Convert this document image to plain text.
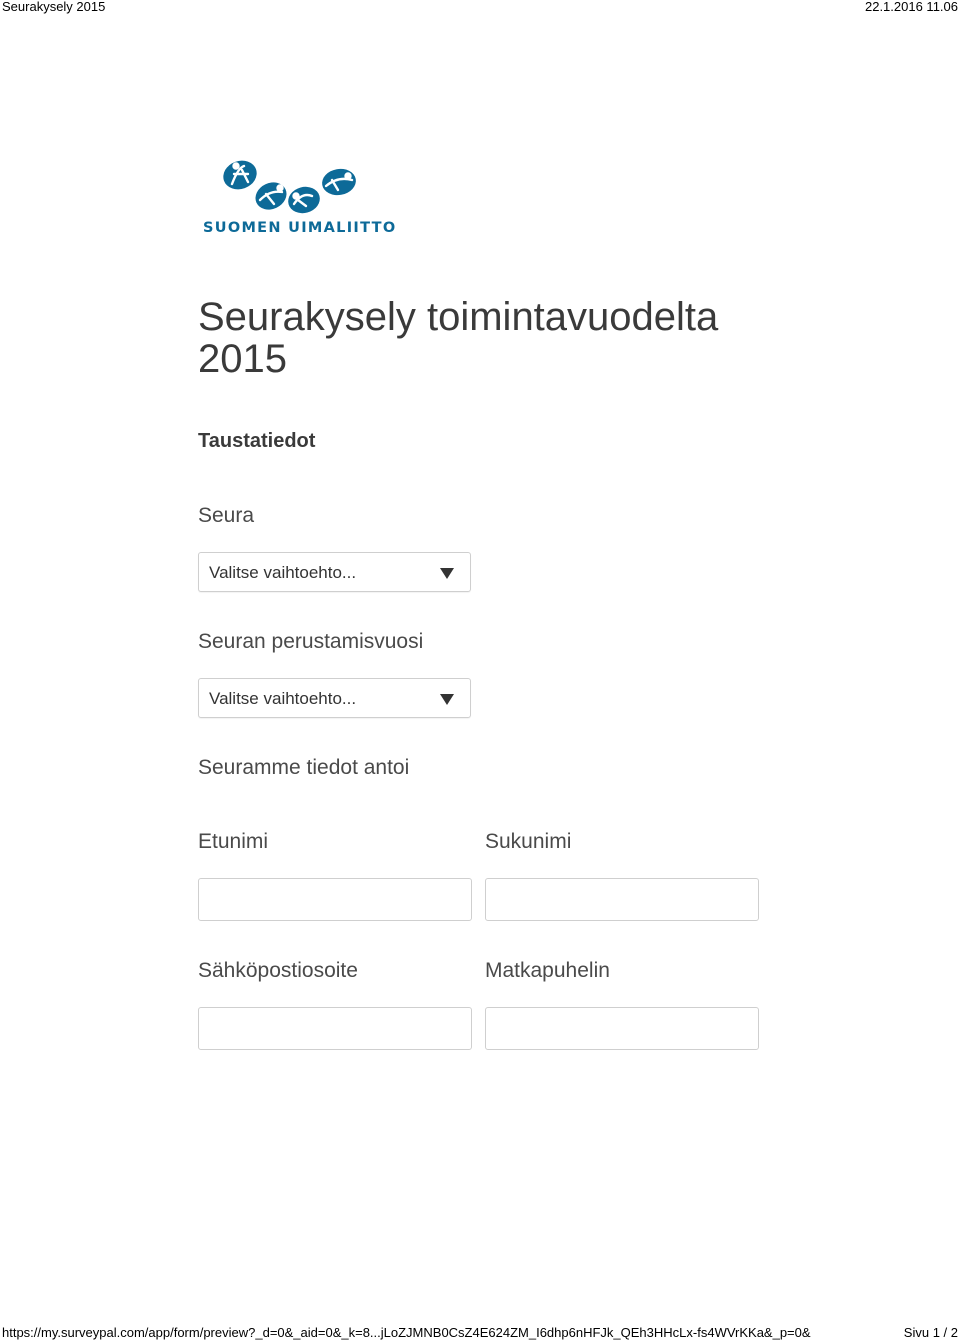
Seurakysely 2015	22.1.2016 11.06
SUOMEN UIMALIITTO
Seurakysely toimintavuodelta
2015
Taustatiedot
Seura
Valitse vaihtoehto...
Seuran perustamisvuosi
Valitse vaihtoehto...
Seuramme tiedot antoi
Etunimi	Sukunimi
Sähköpostiosoite	Matkapuhelin
https://my.surveypal.com/app/form/preview?_d=0&_aid=0&_k=8...jLoZJMNB0CsZ4E624ZM_I6dhp6nHFJk_QEh3HHcLx-fs4WVrKKa&_p=0&	Sivu 1 / 2
